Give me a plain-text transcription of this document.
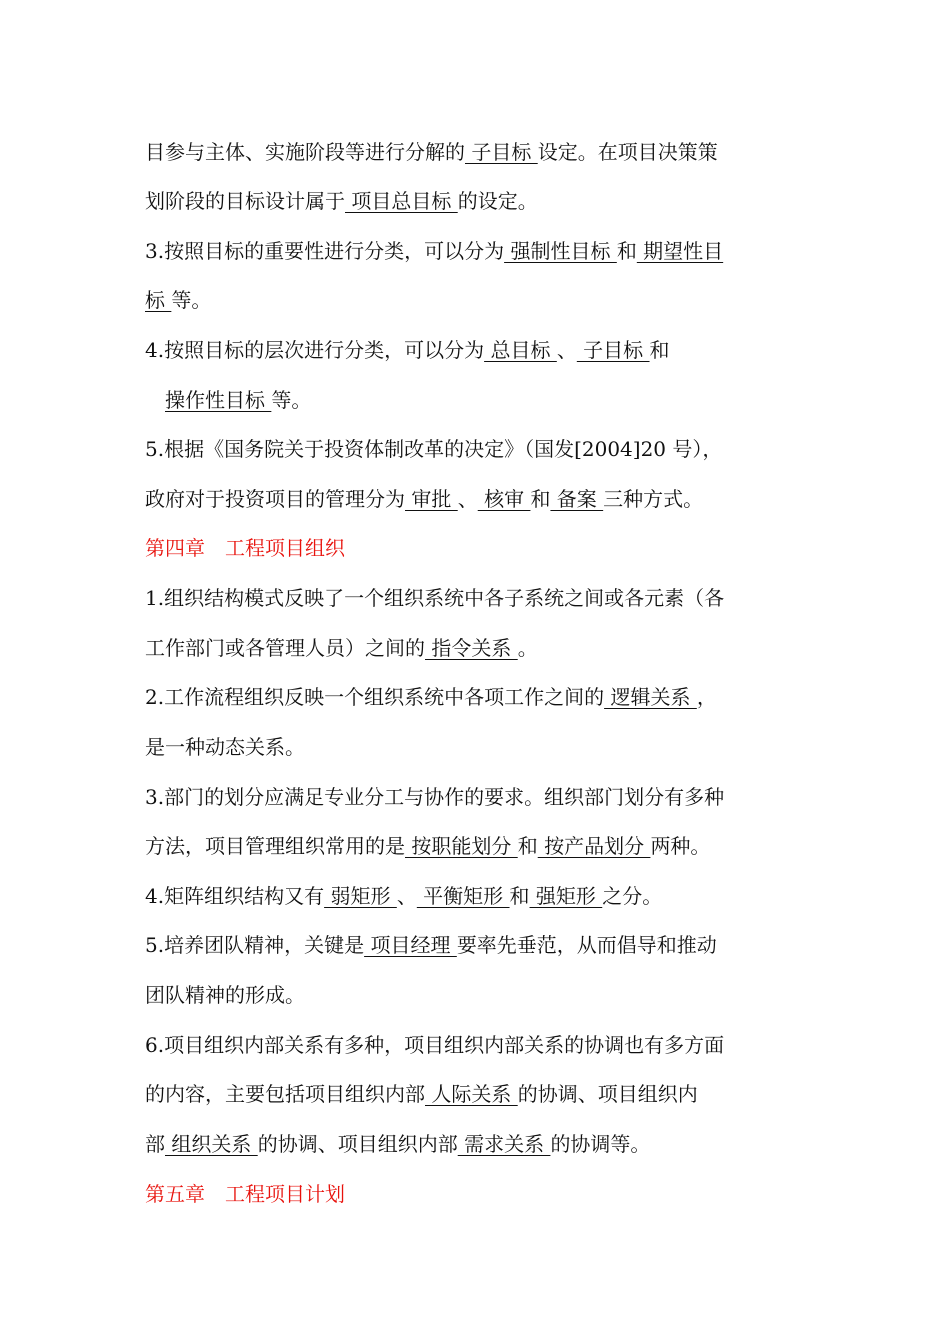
目参与主体、实施阶段等进行分解的 子目标 设定。在项目决策策
划阶段的目标设计属于 项目总目标 的设定。
3.按照目标的重要性进行分类，可以分为 强制性目标 和 期望性目
标 等。
4.按照目标的层次进行分类，可以分为 总目标 、 子目标 和
操作性目标 等。
5.根据《国务院关于投资体制改革的决定》（国发[2004]20 号），
政府对于投资项目的管理分为 审批 、 核审 和 备案 三种方式。
第四章　工程项目组织
1.组织结构模式反映了一个组织系统中各子系统之间或各元素（各
工作部门或各管理人员）之间的 指令关系 。
2.工作流程组织反映一个组织系统中各项工作之间的 逻辑关系 ，
是一种动态关系。
3.部门的划分应满足专业分工与协作的要求。组织部门划分有多种
方法，项目管理组织常用的是 按职能划分 和 按产品划分 两种。
4.矩阵组织结构又有 弱矩形 、 平衡矩形 和 强矩形 之分。
5.培养团队精神，关键是 项目经理 要率先垂范，从而倡导和推动
团队精神的形成。
6.项目组织内部关系有多种，项目组织内部关系的协调也有多方面
的内容，主要包括项目组织内部 人际关系 的协调、项目组织内
部 组织关系 的协调、项目组织内部 需求关系 的协调等。
第五章　工程项目计划
